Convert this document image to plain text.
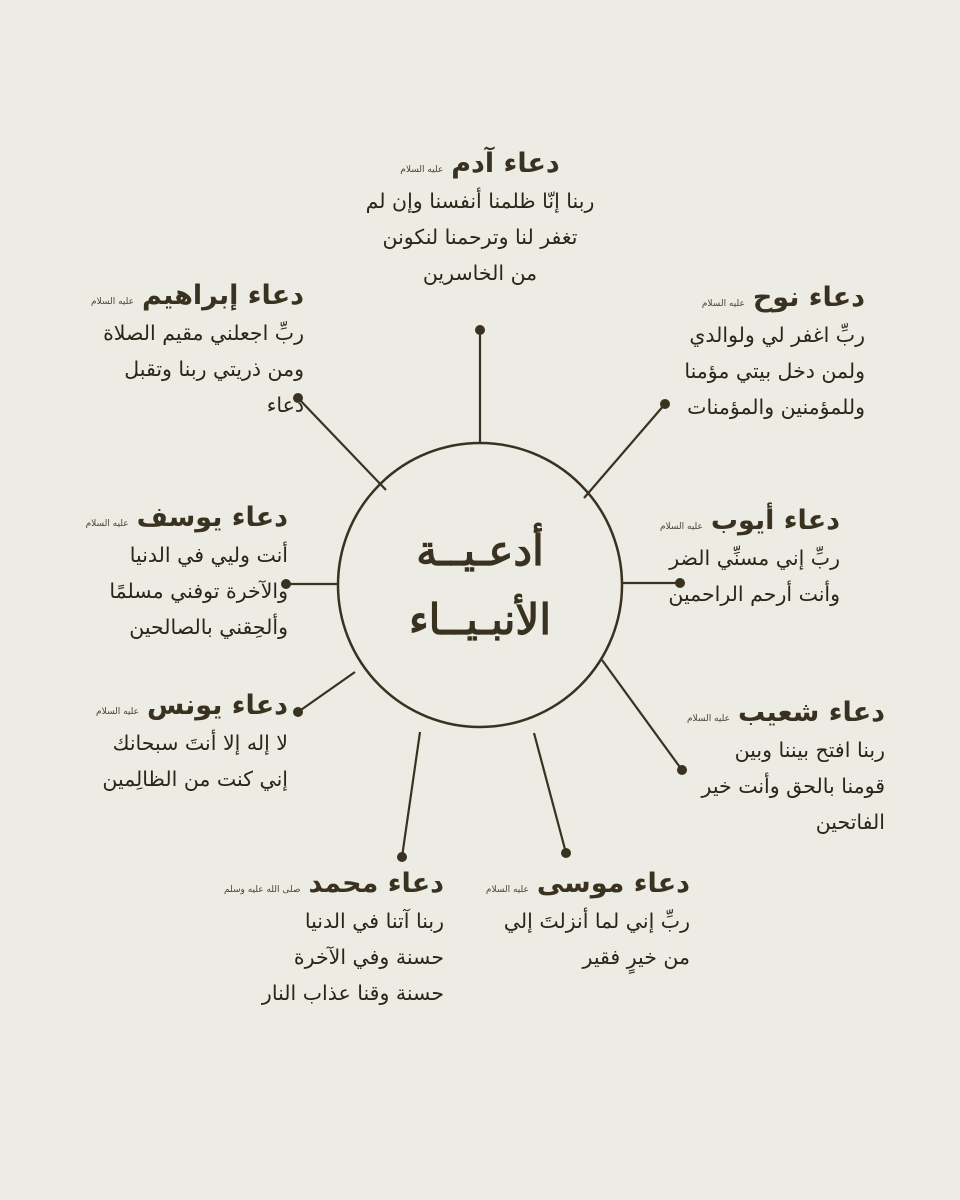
أدعـيــة
الأنبـيــاء
دعاء آدم
عليه السلام
ربنا إنّا ظلمنا أنفسنا وإن لم
تغفر لنا وترحمنا لنكونن
من الخاسرين
دعاء نوح
عليه السلام
ربِّ اغفر لي ولوالدي
ولمن دخل بيتي مؤمنا
وللمؤمنين والمؤمنات
دعاء أيوب
عليه السلام
ربِّ إني مسنِّي الضر
وأنت أرحم الراحمين
دعاء شعيب
عليه السلام
ربنا افتح بيننا وبين
قومنا بالحق وأنت خير
الفاتحين
دعاء موسى
عليه السلام
ربِّ إني لما أنزلتَ إلي
من خيرٍ فقير
دعاء محمد
صلى الله عليه وسلم
ربنا آتنا في الدنيا
حسنة وفي الآخرة
حسنة وقنا عذاب النار
دعاء يونس
عليه السلام
لا إله إلا أنتَ سبحانك
إني كنت من الظالِمين
دعاء يوسف
عليه السلام
أنت وليي في الدنيا
والآخرة توفني مسلمًا
وألحِقني بالصالحين
دعاء إبراهيم
عليه السلام
ربِّ اجعلني مقيم الصلاة
ومن ذريتي ربنا وتقبل
دعاء
